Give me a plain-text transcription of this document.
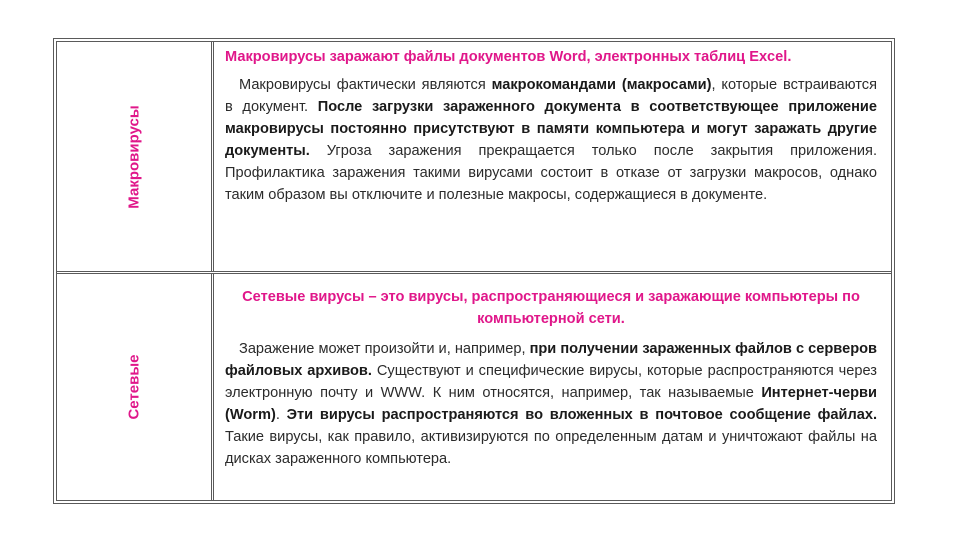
Макровирусы
Макровирусы заражают файлы документов Word, электронных таблиц Excel.
Макровирусы фактически являются макрокомандами (макросами), которые встраиваются в документ. После загрузки зараженного документа в соответствующее приложение макровирусы постоянно присутствуют в памяти компьютера и могут заражать другие документы. Угроза заражения прекращается только после закрытия приложения. Профилактика заражения такими вирусами состоит в отказе от загрузки макросов, однако таким образом вы отключите и полезные макросы, содержащиеся в документе.
Сетевые
Сетевые вирусы – это вирусы, распространяющиеся и заражающие компьютеры по компьютерной сети.
Заражение может произойти и, например, при получении зараженных файлов с серверов файловых архивов. Существуют и специфические вирусы, которые распространяются через электронную почту и WWW. К ним относятся, например, так называемые Интернет-черви (Worm). Эти вирусы распространяются во вложенных в почтовое сообщение файлах. Такие вирусы, как правило, активизируются по определенным датам и уничтожают файлы на дисках зараженного компьютера.
